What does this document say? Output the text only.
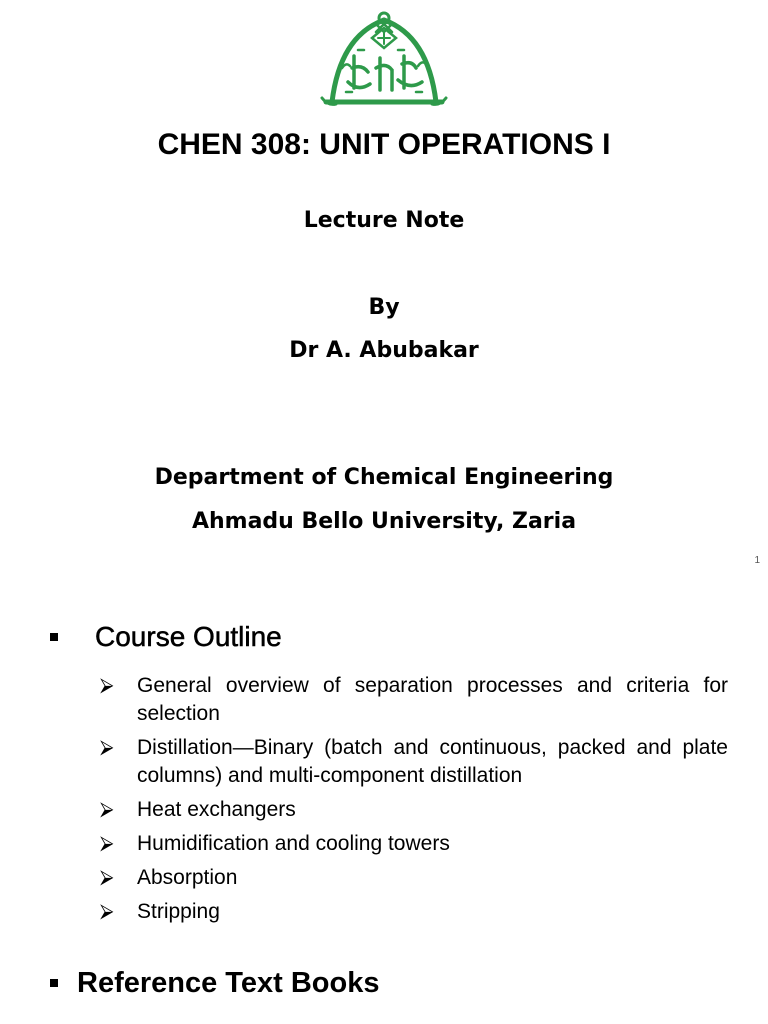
CHEN 308: UNIT OPERATIONS I

Lecture Note

By

Dr A. Abubakar

Department of Chemical Engineering

Ahmadu Bello University, Zaria

1
Course Outline
⮚	General overview of separation processes and criteria for selection
⮚	Distillation—Binary (batch and continuous, packed and plate columns) and multi-component distillation
⮚	Heat exchangers
⮚	Humidification and cooling towers
⮚	Absorption
⮚	Stripping
Reference Text Books
